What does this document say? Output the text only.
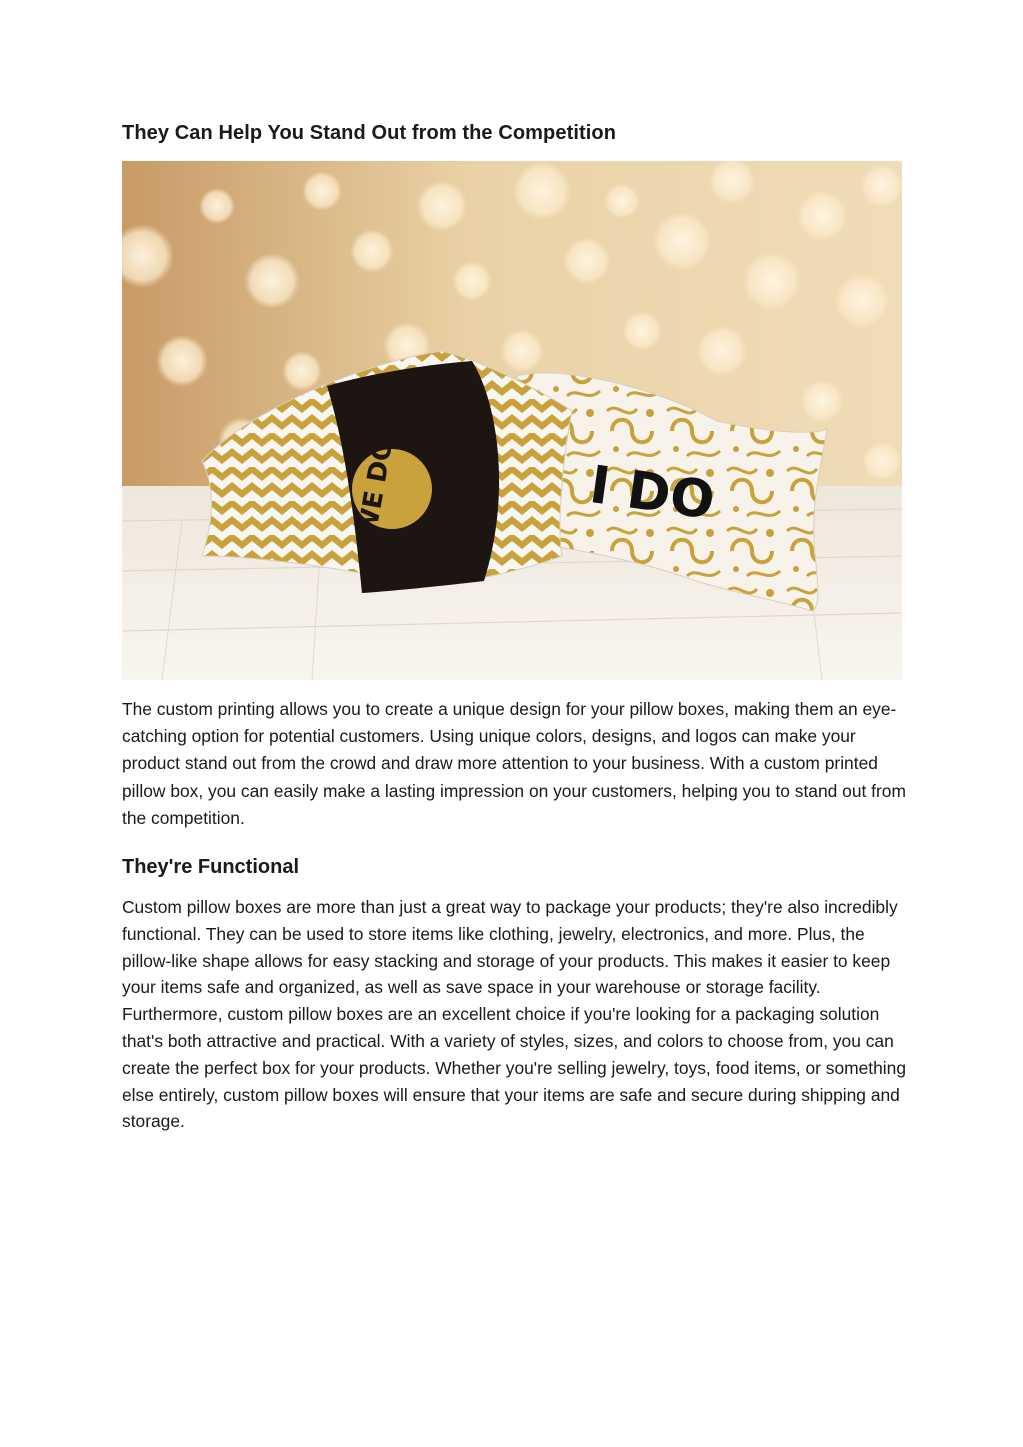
They Can Help You Stand Out from the Competition
I DO
WE DO

The custom printing allows you to create a unique design for your pillow boxes, making them an eye-catching option for potential customers. Using unique colors, designs, and logos can make your product stand out from the crowd and draw more attention to your business. With a custom printed pillow box, you can easily make a lasting impression on your customers, helping you to stand out from the competition.

They're Functional

Custom pillow boxes are more than just a great way to package your products; they're also incredibly functional. They can be used to store items like clothing, jewelry, electronics, and more. Plus, the pillow-like shape allows for easy stacking and storage of your products. This makes it easier to keep your items safe and organized, as well as save space in your warehouse or storage facility. Furthermore, custom pillow boxes are an excellent choice if you're looking for a packaging solution that's both attractive and practical. With a variety of styles, sizes, and colors to choose from, you can create the perfect box for your products. Whether you're selling jewelry, toys, food items, or something else entirely, custom pillow boxes will ensure that your items are safe and secure during shipping and storage.
